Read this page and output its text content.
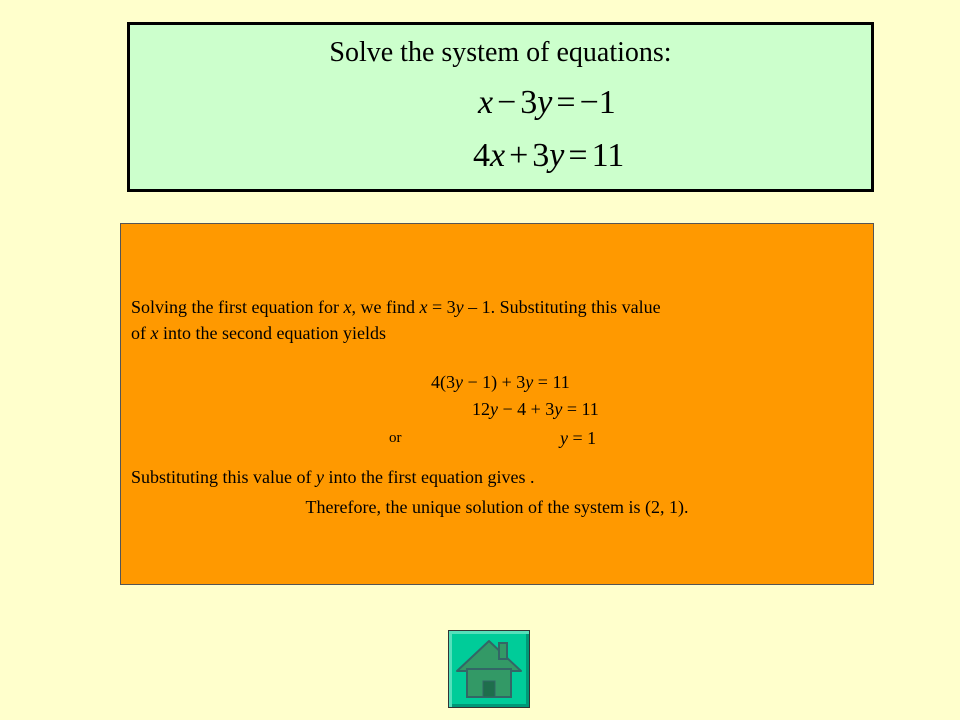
Solve the system of equations:
x − 3y = −1
4x + 3y = 11
Solving the first equation for x, we find x = 3y – 1. Substituting this value
of x into the second equation yields
4(3y − 1) + 3y = 11
12y − 4 + 3y = 11
or	y = 1
Substituting this value of y into the first equation gives .
Therefore, the unique solution of the system is (2, 1).
